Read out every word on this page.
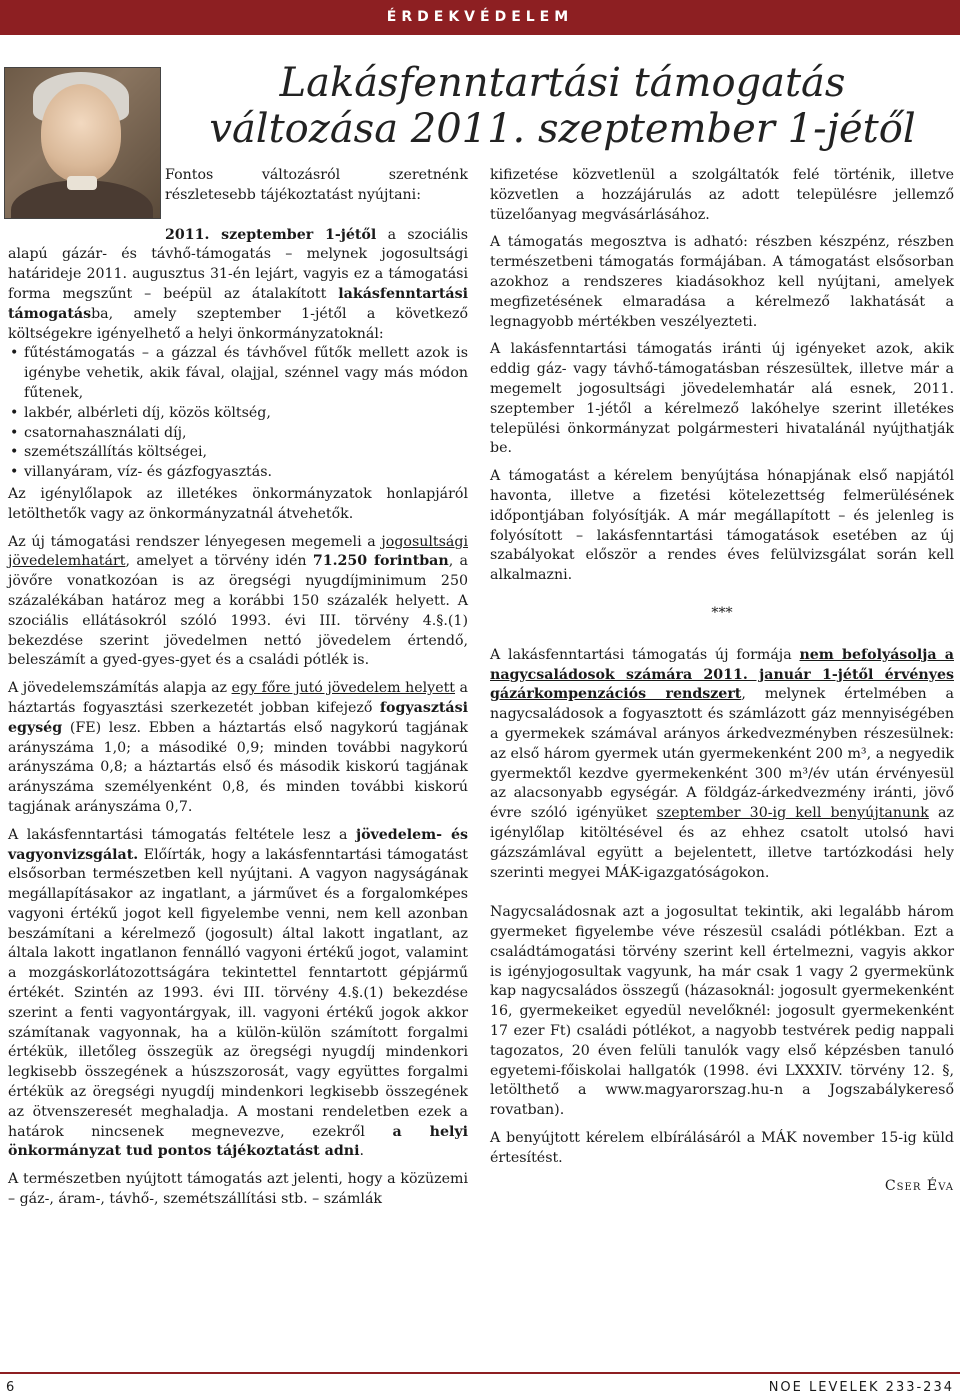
ÉRDEKVÉDELEM
Lakásfenntartási támogatás
változása 2011. szeptember 1-jétől

Fontos változásról szeretnénk részletesebb tájékoztatást nyújtani:

2011. szeptember 1-jétől a szociális alapú gázár- és távhő-támogatás – melynek jogosultsági határideje 2011. augusztus 31-én lejárt, vagyis ez a támogatási forma megszűnt – beépül az átalakított lakásfenntartási támogatásba, amely szeptember 1-jétől a következő költségekre igényelhető a helyi önkormányzatoknál:

• fűtéstámogatás – a gázzal és távhővel fűtők mellett azok is igénybe vehetik, akik fával, olajjal, szénnel vagy más módon fűtenek,
• lakbér, albérleti díj, közös költség,
• csatornahasználati díj,
• szemétszállítás költségei,
• villanyáram, víz- és gázfogyasztás.

Az igénylőlapok az illetékes önkormányzatok honlapjáról letölthetők vagy az önkormányzatnál átvehetők.

Az új támogatási rendszer lényegesen megemeli a jogosultsági jövedelemhatárt, amelyet a törvény idén 71.250 forintban, a jövőre vonatkozóan is az öregségi nyugdíjminimum 250 százalékában határoz meg a korábbi 150 százalék helyett. A szociális ellátásokról szóló 1993. évi III. törvény 4.§.(1) bekezdése szerint jövedelmen nettó jövedelem értendő, beleszámít a gyed-gyes-gyet és a családi pótlék is.

A jövedelemszámítás alapja az egy főre jutó jövedelem helyett a háztartás fogyasztási szerkezetét jobban kifejező fogyasztási egység (FE) lesz. Ebben a háztartás első nagykorú tagjának arányszáma 1,0; a másodiké 0,9; minden további nagykorú arányszáma 0,8; a háztartás első és második kiskorú tagjának arányszáma személyenként 0,8, és minden további kiskorú tagjának arányszáma 0,7.

A lakásfenntartási támogatás feltétele lesz a jövedelem- és vagyonvizsgálat. Előírták, hogy a lakásfenntartási támogatást elsősorban természetben kell nyújtani. A vagyon nagyságának megállapításakor az ingatlant, a járművet és a forgalomképes vagyoni értékű jogot kell figyelembe venni, nem kell azonban beszámítani a kérelmező (jogosult) által lakott ingatlant, az általa lakott ingatlanon fennálló vagyoni értékű jogot, valamint a mozgáskorlátozottságára tekintettel fenntartott gépjármű értékét. Szintén az 1993. évi III. törvény 4.§.(1) bekezdése szerint a fenti vagyontárgyak, ill. vagyoni értékű jogok akkor számítanak vagyonnak, ha a külön-külön számított forgalmi értékük, illetőleg összegük az öregségi nyugdíj mindenkori legkisebb összegének a húszszorosát, vagy együttes forgalmi értékük az öregségi nyugdíj mindenkori legkisebb összegének az ötvenszeresét meghaladja. A mostani rendeletben ezek a határok nincsenek megnevezve, ezekről a helyi önkormányzat tud pontos tájékoztatást adni.

A természetben nyújtott támogatás azt jelenti, hogy a közüzemi – gáz-, áram-, távhő-, szemétszállítási stb. – számlák

kifizetése közvetlenül a szolgáltatók felé történik, illetve közvetlen a hozzájárulás az adott településre jellemző tüzelőanyag megvásárlásához.

A támogatás megosztva is adható: részben készpénz, részben természetbeni támogatás formájában. A támogatást elsősorban azokhoz a rendszeres kiadásokhoz kell nyújtani, amelyek megfizetésének elmaradása a kérelmező lakhatását a legnagyobb mértékben veszélyezteti.

A lakásfenntartási támogatás iránti új igényeket azok, akik eddig gáz- vagy távhő-támogatásban részesültek, illetve már a megemelt jogosultsági jövedelemhatár alá esnek, 2011. szeptember 1-jétől a kérelmező lakóhelye szerint illetékes települési önkormányzat polgármesteri hivatalánál nyújthatják be.

A támogatást a kérelem benyújtása hónapjának első napjától havonta, illetve a fizetési kötelezettség felmerülésének időpontjában folyósítják. A már megállapított – és jelenleg is folyósított – lakásfenntartási támogatások esetében az új szabályokat először a rendes éves felülvizsgálat során kell alkalmazni.

***

A lakásfenntartási támogatás új formája nem befolyásolja a nagycsaládosok számára 2011. január 1-jétől érvényes gázárkompenzációs rendszert, melynek értelmében a nagycsaládosok a fogyasztott és számlázott gáz mennyiségében a gyermekek számával arányos árkedvezményben részesülnek: az első három gyermek után gyermekenként 200 m³, a negyedik gyermektől kezdve gyermekenként 300 m³/év után érvényesül az alacsonyabb egységár. A földgáz-árkedvezmény iránti, jövő évre szóló igényüket szeptember 30-ig kell benyújtanunk az igénylőlap kitöltésével és az ehhez csatolt utolsó havi gázszámlával együtt a bejelentett, illetve tartózkodási hely szerinti megyei MÁK-igazgatóságokon.

Nagycsaládosnak azt a jogosultat tekintik, aki legalább három gyermeket figyelembe véve részesül családi pótlékban. Ezt a családtámogatási törvény szerint kell értelmezni, vagyis akkor is igényjogosultak vagyunk, ha már csak 1 vagy 2 gyermekünk kap nagycsaládos összegű (házasoknál: jogosult gyermekenként 16, gyermekeiket egyedül nevelőknél: jogosult gyermekenként 17 ezer Ft) családi pótlékot, a nagyobb testvérek pedig nappali tagozatos, 20 éven felüli tanulók vagy első képzésben tanuló egyetemi-főiskolai hallgatók (1998. évi LXXXIV. törvény 12. §, letölthető a www.magyarorszag.hu-n a Jogszabálykereső rovatban).

A benyújtott kérelem elbírálásáról a MÁK november 15-ig küld értesítést.

Cser Éva

6	NOE LEVELEK 233-234
